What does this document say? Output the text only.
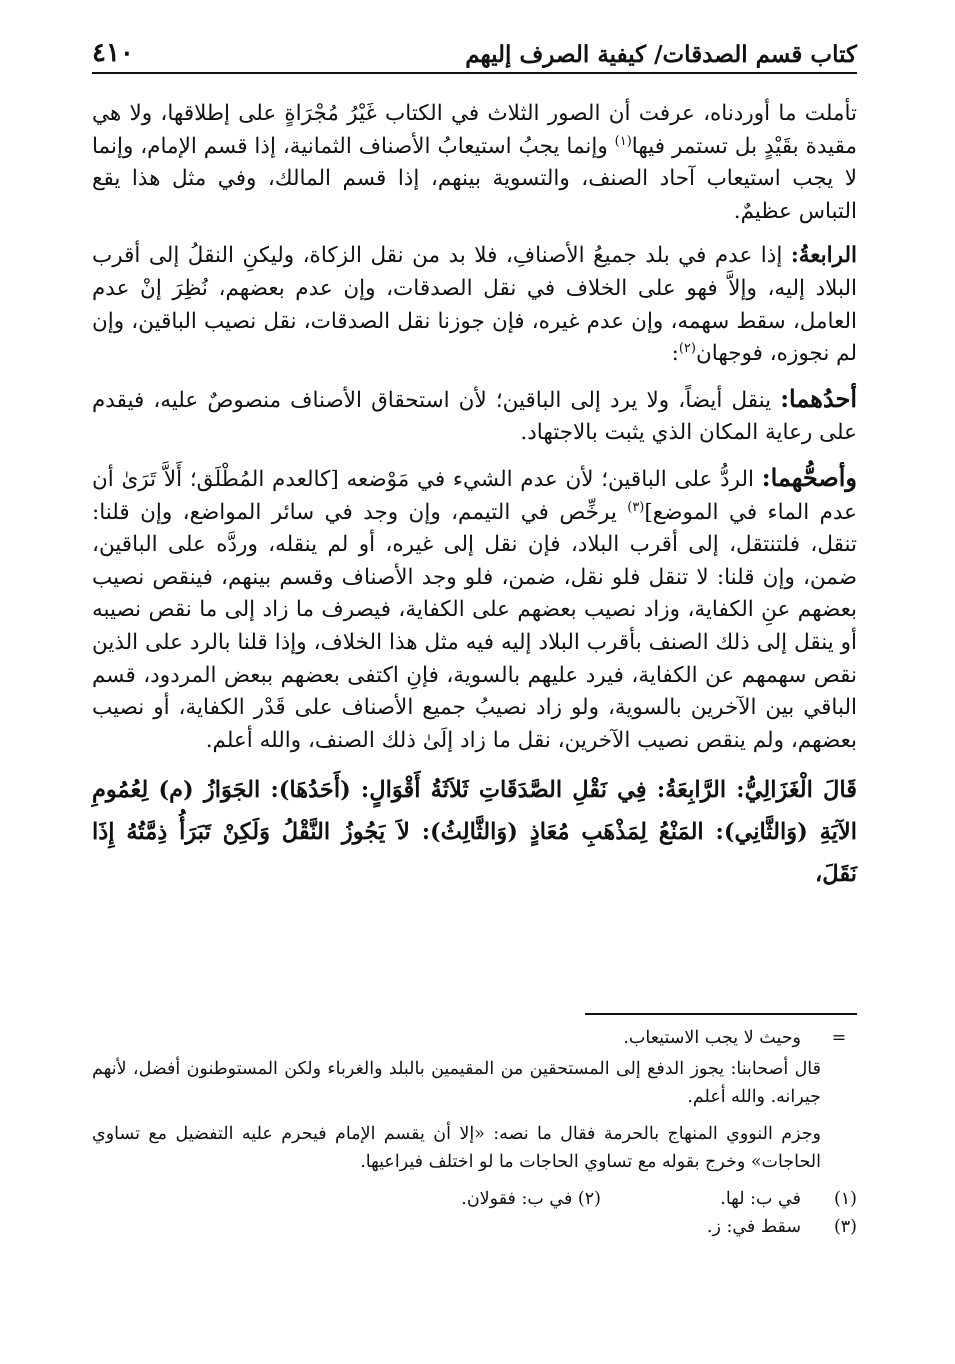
كتاب قسم الصدقات/ كيفية الصرف إليهم
٤١٠

تأملت ما أوردناه، عرفت أن الصور الثلاث في الكتاب غَيْرُ مُجْرَاةٍ على إطلاقها، ولا هي مقيدة بقَيْدٍ بل تستمر فيها$^{(١)}$ وإنما يجبُ استيعابُ الأصناف الثمانية، إذا قسم الإمام، وإنما لا يجب استيعاب آحاد الصنف، والتسوية بينهم، إذا قسم المالك، وفي مثل هذا يقع التباس عظيمٌ.

الرابعةُ: إذا عدم في بلد جميعُ الأصنافِ، فلا بد من نقل الزكاة، وليكنِ النقلُ إلى أقرب البلاد إليه، وإلاَّ فهو على الخلاف في نقل الصدقات، وإن عدم بعضهم، نُظِرَ إنْ عدم العامل، سقط سهمه، وإن عدم غيره، فإن جوزنا نقل الصدقات، نقل نصيب الباقين، وإن لم نجوزه، فوجهان$^{(٢)}$:

أحدُهما: ينقل أيضاً، ولا يرد إلى الباقين؛ لأن استحقاق الأصناف منصوصٌ عليه، فيقدم على رعاية المكان الذي يثبت بالاجتهاد.

وأصحُّهما: الردُّ على الباقين؛ لأن عدم الشيء في مَوْضعه [كالعدم المُطْلَق؛ أَلاَّ تَرَىٰ أن عدم الماء في الموضع]$^{(٣)}$ يرخِّص في التيمم، وإن وجد في سائر المواضع، وإن قلنا: تنقل، فلتنتقل، إلى أقرب البلاد، فإن نقل إلى غيره، أو لم ينقله، وردَّه على الباقين، ضمن، وإن قلنا: لا تنقل فلو نقل، ضمن، فلو وجد الأصناف وقسم بينهم، فينقص نصيب بعضهم عنِ الكفاية، وزاد نصيب بعضهم على الكفاية، فيصرف ما زاد إلى ما نقص نصيبه أو ينقل إلى ذلك الصنف بأقرب البلاد إليه فيه مثل هذا الخلاف، وإذا قلنا بالرد على الذين نقص سهمهم عن الكفاية، فيرد عليهم بالسوية، فإنِ اكتفى بعضهم ببعض المردود، قسم الباقي بين الآخرين بالسوية، ولو زاد نصيبُ جميع الأصناف على قَدْر الكفاية، أو نصيب بعضهم، ولم ينقص نصيب الآخرين، نقل ما زاد إلَىٰ ذلك الصنف، والله أعلم.

قَالَ الْغَزَالِيُّ: الرَّابِعَةُ: فِي نَقْلِ الصَّدَقَاتِ ثَلاَثَةُ أَقْوَالٍ: (أَحَدُهَا): الجَوَازُ (م) لِعُمُومِ الآيَةِ (وَالثَّانِي): المَنْعُ لِمَذْهَبِ مُعَاذٍ (وَالثَّالِثُ): لاَ يَجُوزُ النَّقْلُ وَلَكِنْ تَبَرَأُ ذِمَّتُهُ إِذَا نَقَلَ،

=
وحيث لا يجب الاستيعاب.
قال أصحابنا: يجوز الدفع إلى المستحقين من المقيمين بالبلد والغرباء ولكن المستوطنون أفضل، لأنهم جيرانه. والله أعلم.
وجزم النووي المنهاج بالحرمة فقال ما نصه: «إلا أن يقسم الإمام فيحرم عليه التفضيل مع تساوي الحاجات» وخرج بقوله مع تساوي الحاجات ما لو اختلف فيراعيها.
(١)
في ب: لها.
(٢) في ب: فقولان.
(٣)
سقط في: ز.
